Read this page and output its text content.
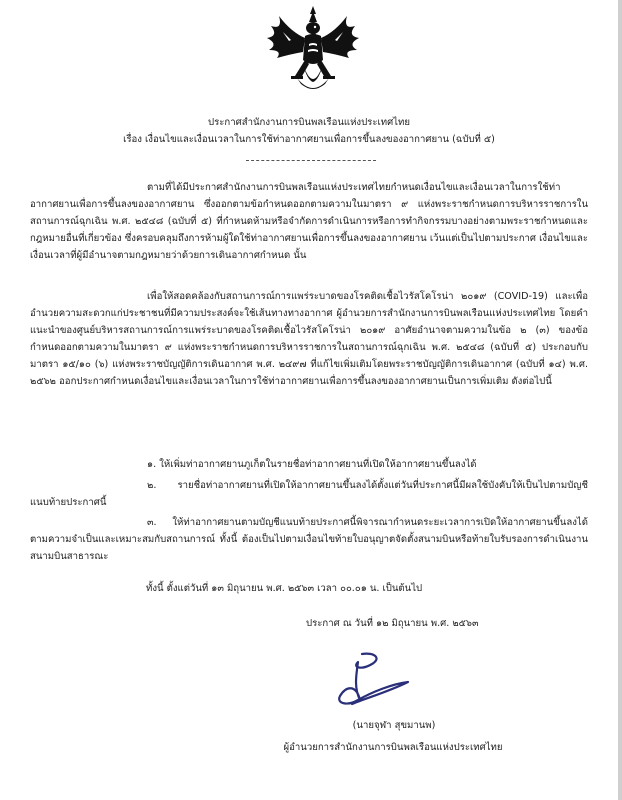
ประกาศสำนักงานการบินพลเรือนแห่งประเทศไทย
เรื่อง เงื่อนไขและเงื่อนเวลาในการใช้ท่าอากาศยานเพื่อการขึ้นลงของอากาศยาน (ฉบับที่ ๕)
ตามที่ได้มีประกาศสำนักงานการบินพลเรือนแห่งประเทศไทยกำหนดเงื่อนไขและเงื่อนเวลาในการใช้ท่าอากาศยานเพื่อการขึ้นลงของอากาศยาน ซึ่งออกตามข้อกำหนดออกตามความในมาตรา ๙ แห่งพระราชกำหนดการบริหารราชการในสถานการณ์ฉุกเฉิน พ.ศ. ๒๕๔๘ (ฉบับที่ ๕) ที่กำหนดห้ามหรือจำกัดการดำเนินการหรือการทำกิจกรรมบางอย่างตามพระราชกำหนดและกฎหมายอื่นที่เกี่ยวข้อง ซึ่งครอบคลุมถึงการห้ามผู้ใดใช้ท่าอากาศยานเพื่อการขึ้นลงของอากาศยาน เว้นแต่เป็นไปตามประกาศ เงื่อนไขและเงื่อนเวลาที่ผู้มีอำนาจตามกฎหมายว่าด้วยการเดินอากาศกำหนด นั้น
เพื่อให้สอดคล้องกับสถานการณ์การแพร่ระบาดของโรคติดเชื้อไวรัสโคโรน่า ๒๐๑๙ (COVID-19) และเพื่ออำนวยความสะดวกแก่ประชาชนที่มีความประสงค์จะใช้เส้นทางทางอากาศ ผู้อำนวยการสำนักงานการบินพลเรือนแห่งประเทศไทย โดยคำแนะนำของศูนย์บริหารสถานการณ์การแพร่ระบาดของโรคติดเชื้อไวรัสโคโรน่า ๒๐๑๙ อาศัยอำนาจตามความในข้อ ๒ (๓) ของข้อกำหนดออกตามความในมาตรา ๙ แห่งพระราชกำหนดการบริหารราชการในสถานการณ์ฉุกเฉิน พ.ศ. ๒๕๔๘ (ฉบับที่ ๕) ประกอบกับมาตรา ๑๕/๑๐ (๖) แห่งพระราชบัญญัติการเดินอากาศ พ.ศ. ๒๔๙๗ ที่แก้ไขเพิ่มเติมโดยพระราชบัญญัติการเดินอากาศ (ฉบับที่ ๑๔) พ.ศ. ๒๕๖๒ ออกประกาศกำหนดเงื่อนไขและเงื่อนเวลาในการใช้ท่าอากาศยานเพื่อการขึ้นลงของอากาศยานเป็นการเพิ่มเติม ดังต่อไปนี้
๑. ให้เพิ่มท่าอากาศยานภูเก็ตในรายชื่อท่าอากาศยานที่เปิดให้อากาศยานขึ้นลงได้
๒. รายชื่อท่าอากาศยานที่เปิดให้อากาศยานขึ้นลงได้ตั้งแต่วันที่ประกาศนี้มีผลใช้บังคับให้เป็นไปตามบัญชีแนบท้ายประกาศนี้
๓. ให้ท่าอากาศยานตามบัญชีแนบท้ายประกาศนี้พิจารณากำหนดระยะเวลาการเปิดให้อากาศยานขึ้นลงได้ตามความจำเป็นและเหมาะสมกับสถานการณ์ ทั้งนี้ ต้องเป็นไปตามเงื่อนไขท้ายใบอนุญาตจัดตั้งสนามบินหรือท้ายใบรับรองการดำเนินงานสนามบินสาธารณะ
ทั้งนี้ ตั้งแต่วันที่ ๑๓ มิถุนายน พ.ศ. ๒๕๖๓ เวลา ๐๐.๐๑ น. เป็นต้นไป
ประกาศ ณ วันที่ ๑๒ มิถุนายน พ.ศ. ๒๕๖๓
(นายจุฬา สุขมานพ)
ผู้อำนวยการสำนักงานการบินพลเรือนแห่งประเทศไทย
